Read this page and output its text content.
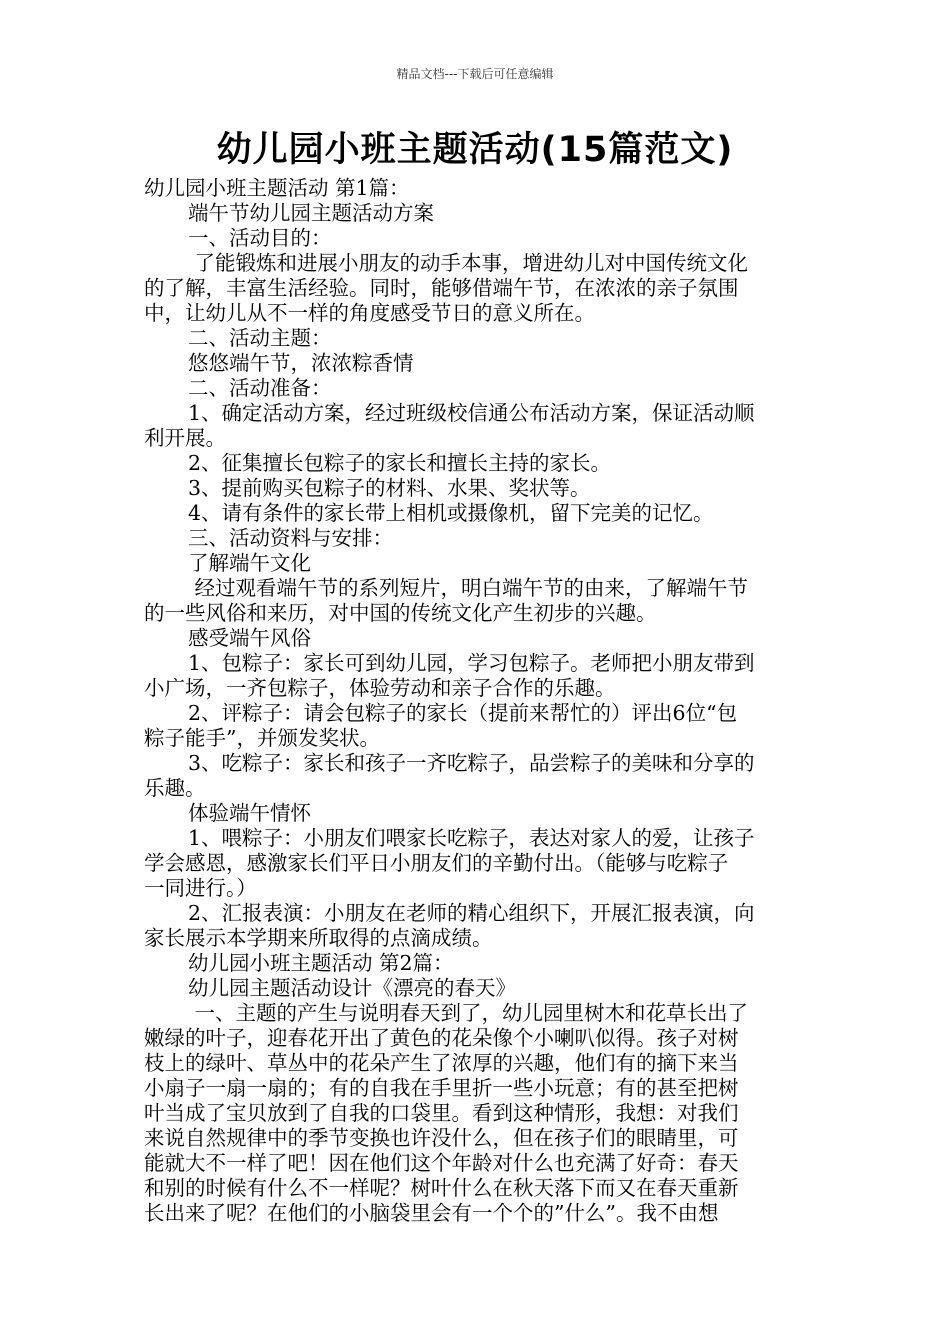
精品文档---下载后可任意编辑
幼儿园小班主题活动(15篇范文)
幼儿园小班主题活动 第1篇：
端午节幼儿园主题活动方案
一、活动目的：
了能锻炼和进展小朋友的动手本事，增进幼儿对中国传统文化
的了解，丰富生活经验。同时，能够借端午节，在浓浓的亲子氛围
中，让幼儿从不一样的角度感受节日的意义所在。
二、活动主题：
悠悠端午节，浓浓粽香情
二、活动准备：
1、确定活动方案，经过班级校信通公布活动方案，保证活动顺
利开展。
2、征集擅长包粽子的家长和擅长主持的家长。
3、提前购买包粽子的材料、水果、奖状等。
4、请有条件的家长带上相机或摄像机，留下完美的记忆。
三、活动资料与安排：
了解端午文化
经过观看端午节的系列短片，明白端午节的由来，了解端午节
的一些风俗和来历，对中国的传统文化产生初步的兴趣。
感受端午风俗
1、包粽子：家长可到幼儿园，学习包粽子。老师把小朋友带到
小广场，一齐包粽子，体验劳动和亲子合作的乐趣。
2、评粽子：请会包粽子的家长（提前来帮忙的）评出6位“包
粽子能手”，并颁发奖状。
3、吃粽子：家长和孩子一齐吃粽子，品尝粽子的美味和分享的
乐趣。
体验端午情怀
1、喂粽子：小朋友们喂家长吃粽子，表达对家人的爱，让孩子
学会感恩，感激家长们平日小朋友们的辛勤付出。（能够与吃粽子
一同进行。）
2、汇报表演：小朋友在老师的精心组织下，开展汇报表演，向
家长展示本学期来所取得的点滴成绩。
幼儿园小班主题活动 第2篇：
幼儿园主题活动设计《漂亮的春天》
一、主题的产生与说明春天到了，幼儿园里树木和花草长出了
嫩绿的叶子，迎春花开出了黄色的花朵像个小喇叭似得。孩子对树
枝上的绿叶、草丛中的花朵产生了浓厚的兴趣，他们有的摘下来当
小扇子一扇一扇的；有的自我在手里折一些小玩意；有的甚至把树
叶当成了宝贝放到了自我的口袋里。看到这种情形，我想：对我们
来说自然规律中的季节变换也许没什么，但在孩子们的眼睛里，可
能就大不一样了吧！因在他们这个年龄对什么也充满了好奇：春天
和别的时候有什么不一样呢？树叶什么在秋天落下而又在春天重新
长出来了呢？在他们的小脑袋里会有一个个的”什么”。我不由想
